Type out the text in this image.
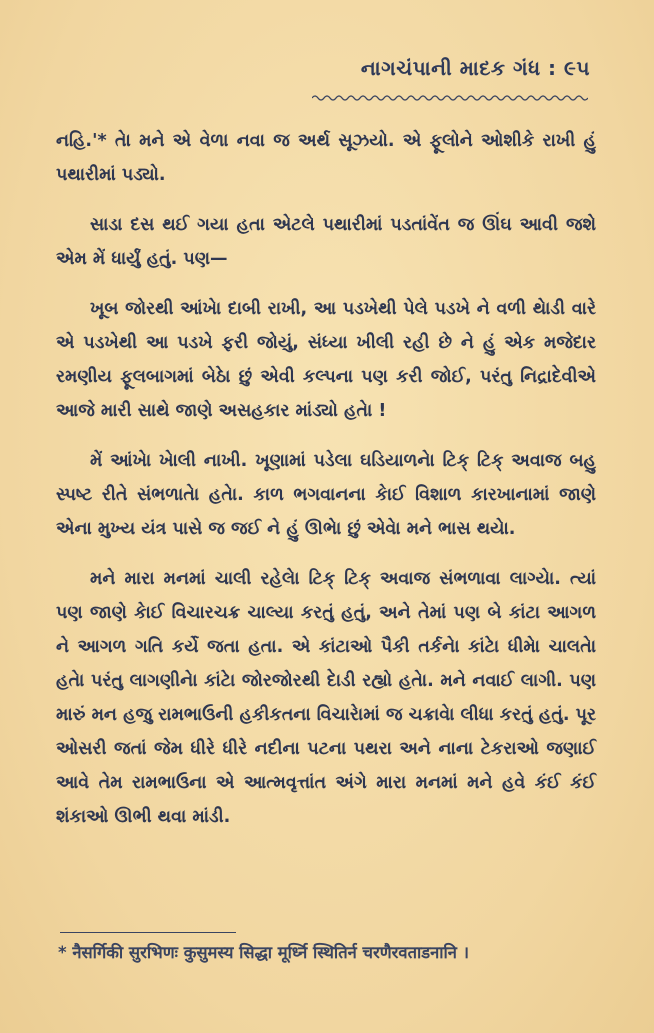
નાગચંપાની માદક ગંધ : ૯૫

નહિ.'* તેા મને એ વેળા નવા જ અર્થ સૂઝયો. એ ફૂલોને ઓશીકે રાખી હું પથારીમાં પડ્યો.

સાડા દસ થઈ ગયા હતા એટલે પથારીમાં પડતાંવેંત જ ઊંઘ આવી જશે એમ મેં ધાર્યું હતું. પણ—

ખૂબ જોરથી આંખેા દાબી રાખી, આ પડખેથી પેલે પડખે ને વળી થેાડી વારે એ પડખેથી આ પડખે ફરી જોયું, સંધ્યા ખીલી રહી છે ને હું એક મજેદાર રમણીય ફૂલબાગમાં બેઠેા છું એવી કલ્પના પણ કરી જોઈ, પરંતુ નિદ્રાદેવીએ આજે મારી સાથે જાણે અસહકાર માંડ્યો હતેા !

મેં આંખેા ખેાલી નાખી. ખૂણામાં પડેલા ઘડિયાળનેા ટિક્ ટિક્ અવાજ બહુ સ્પષ્ટ રીતે સંભળાતેા હતેા. કાળ ભગવાનના કેાઈ વિશાળ કારખાનામાં જાણે એના મુખ્ય યંત્ર પાસે જ જઈ ને હું ઊભેા છું એવેા મને ભાસ થયેા.

મને મારા મનમાં ચાલી રહેલેા ટિક્ ટિક્ અવાજ સંભળાવા લાગ્યેા. ત્યાં પણ જાણે કેાઈ વિચારચક્ર ચાલ્યા કરતું હતું, અને તેમાં પણ બે કાંટા આગળ ને આગળ ગતિ કર્યે જતા હતા. એ કાંટાઓ પૈકી તર્કનેા કાંટેા ધીમેા ચાલતેા હતેા પરંતુ લાગણીનેા કાંટેા જોરજોરથી દેાડી રહ્યો હતેા. મને નવાઈ લાગી. પણ મારું મન હજુ રામભાઉની હકીકતના વિચારેામાં જ ચક્રાવેા લીધા કરતું હતું. પૂર ઓસરી જતાં જેમ ધીરે ધીરે નદીના પટના પથરા અને નાના ટેકરાઓ જણાઈ આવે તેમ રામભાઉના એ આત્મવૃત્તાંત અંગે મારા મનમાં મને હવે કંઈ કંઈ શંકાઓ ઊભી થવા માંડી.

* नैसर्गिकी सुरभिणः कुसुमस्य सिद्धा मूर्ध्नि स्थितिर्न चरणैरवताडनानि ।
